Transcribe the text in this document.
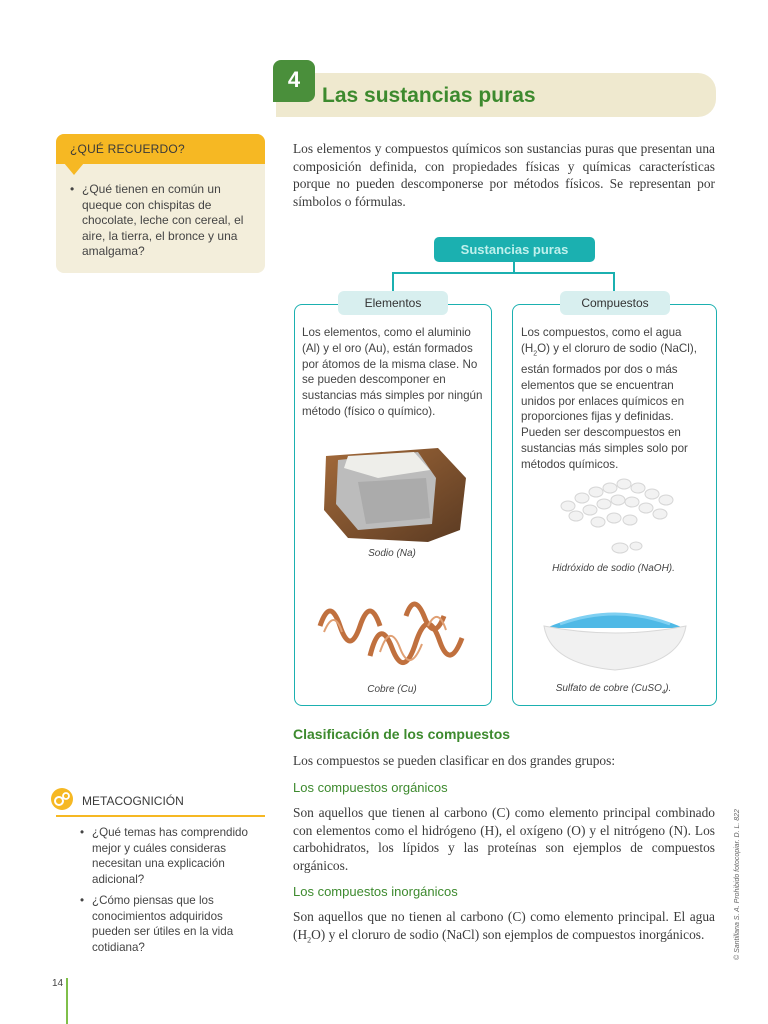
4
Las sustancias puras
¿QUÉ RECUERDO?
• ¿Qué tienen en común un queque con chispitas de chocolate, leche con cereal, el aire, la tierra, el bronce y una amalgama?
Los elementos y compuestos químicos son sustancias puras que presentan una composición definida, con propiedades físicas y químicas características porque no pueden descomponerse por métodos físicos. Se representan por símbolos o fórmulas.
Sustancias puras
Elementos
Los elementos, como el aluminio (Al) y el oro (Au), están formados por átomos de la misma clase. No se pueden descomponer en sustancias más simples por ningún método (físico o químico).
Compuestos
Los compuestos, como el agua $(H_2O)$ y el cloruro de sodio (NaCl), están formados por dos o más elementos que se encuentran unidos por enlaces químicos en proporciones fijas y definidas. Pueden ser descompuestos en sustancias más simples solo por métodos químicos.
Sodio (Na)
Cobre (Cu)
Hidróxido de sodio (NaOH).
Sulfato de cobre (CuSO$_4$).
Clasificación de los compuestos
Los compuestos se pueden clasificar en dos grandes grupos:
Los compuestos orgánicos
Son aquellos que tienen al carbono (C) como elemento principal combinado con elementos como el hidrógeno (H), el oxígeno (O) y el nitrógeno (N). Los carbohidratos, los lípidos y las proteínas son ejemplos de compuestos orgánicos.
Los compuestos inorgánicos
Son aquellos que no tienen al carbono (C) como elemento principal. El agua $(H_2O)$ y el cloruro de sodio (NaCl) son ejemplos de compuestos inorgánicos.
METACOGNICIÓN
• ¿Qué temas has comprendido mejor y cuáles consideras necesitan una explicación adicional?
• ¿Cómo piensas que los conocimientos adquiridos pueden ser útiles en la vida cotidiana?
14
© Santillana S. A. Prohibido fotocopiar. D. L. 822
